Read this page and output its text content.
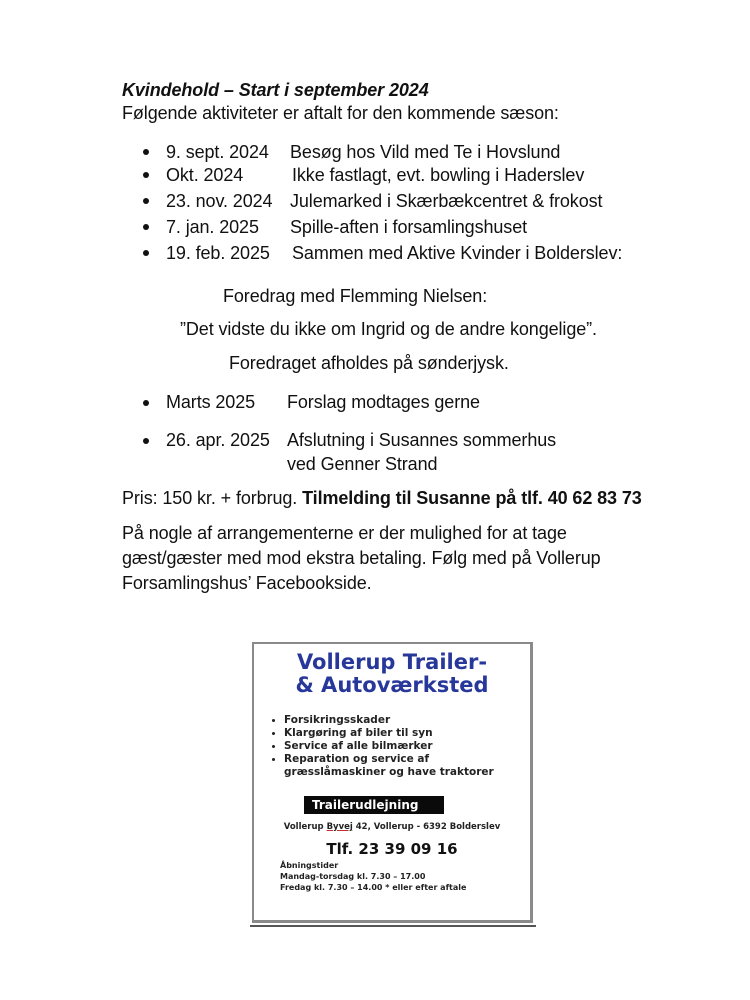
Kvindehold – Start i september 2024
Følgende aktiviteter er aftalt for den kommende sæson:
9. sept. 2024 Besøg hos Vild med Te i Hovslund
Okt. 2024	Ikke fastlagt, evt. bowling i Haderslev
23. nov. 2024 Julemarked i Skærbækcentret & frokost
7. jan. 2025 Spille-aften i forsamlingshuset
19. feb. 2025 Sammen med Aktive Kvinder i Bolderslev:
Foredrag med Flemming Nielsen:
”Det vidste du ikke om Ingrid og de andre kongelige”.
Foredraget afholdes på sønderjysk.
Marts 2025 Forslag modtages gerne
26. apr. 2025 Afslutning i Susannes sommerhus
ved Genner Strand
Pris: 150 kr. + forbrug. Tilmelding til Susanne på tlf. 40 62 83 73
På nogle af arrangementerne er der mulighed for at tage
gæst/gæster med mod ekstra betaling. Følg med på Vollerup
Forsamlingshus’ Facebookside.
Vollerup Trailer-
& Autoværksted
Forsikringsskader
Klargøring af biler til syn
Service af alle bilmærker
Reparation og service af
græsslåmaskiner og have traktorer
Trailerudlejning
Vollerup Byvej 42, Vollerup - 6392 Bolderslev
Tlf. 23 39 09 16
Åbningstider
Mandag-torsdag kl. 7.30 – 17.00
Fredag kl. 7.30 – 14.00 * eller efter aftale
